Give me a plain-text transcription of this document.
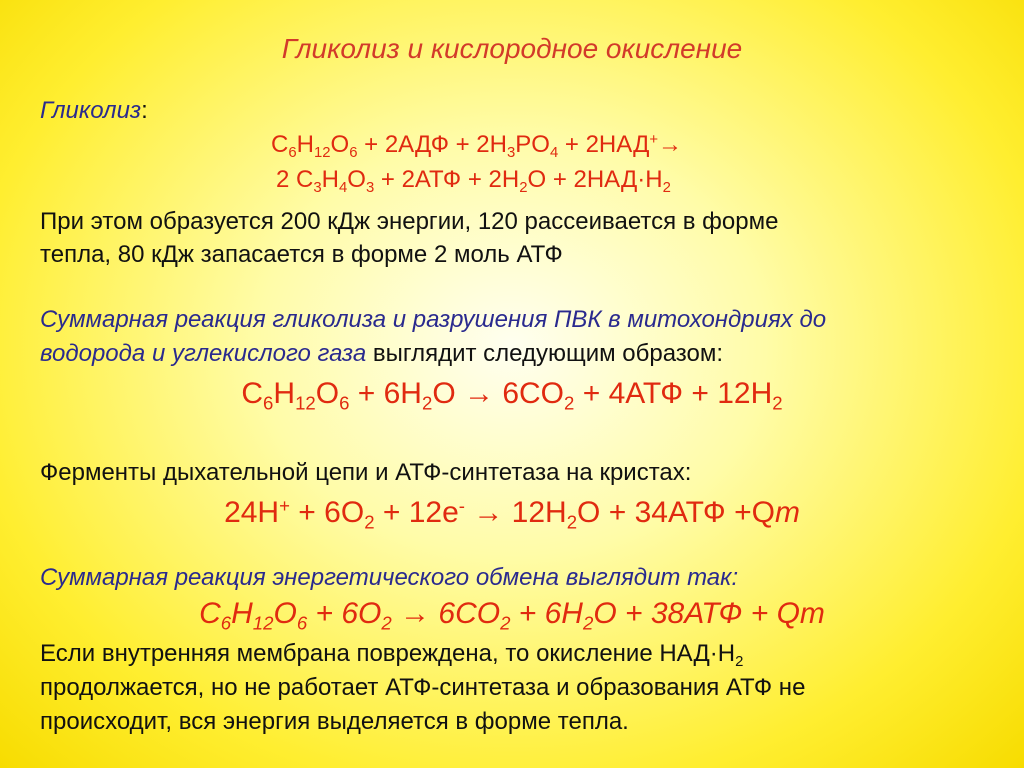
Гликолиз и кислородное окисление
Гликолиз:
$C_6H_{12}O_6 + 2АДФ + 2H_3PO_4 + 2НАД^+\to$
2 $C_3H_4O_3 + 2АТФ + 2H_2O + 2НАД\cdot H_2$
При этом образуется 200 кДж энергии, 120 рассеивается в форме
тепла, 80 кДж запасается в форме 2 моль АТФ
Суммарная реакция гликолиза и разрушения ПВК в митохондриях до
водорода и углекислого газа выглядит следующим образом:
$C_6H_{12}O_6 + 6H_2O \to 6CO_2 + 4АТФ + 12H_2$
Ферменты дыхательной цепи и АТФ-синтетаза на кристах:
$24H^+ + 6O_2 + 12e^- \to 12H_2O + 34АТФ +Qm$
Суммарная реакция энергетического обмена выглядит так:
$C_6H_{12}O_6 + 6O_2 \to 6CO_2 + 6H_2O + 38АТФ + Qm$
Если внутренняя мембрана повреждена, то окисление $НАД\cdot H_2$
продолжается, но не работает АТФ-синтетаза и образования АТФ не
происходит, вся энергия выделяется в форме тепла.
